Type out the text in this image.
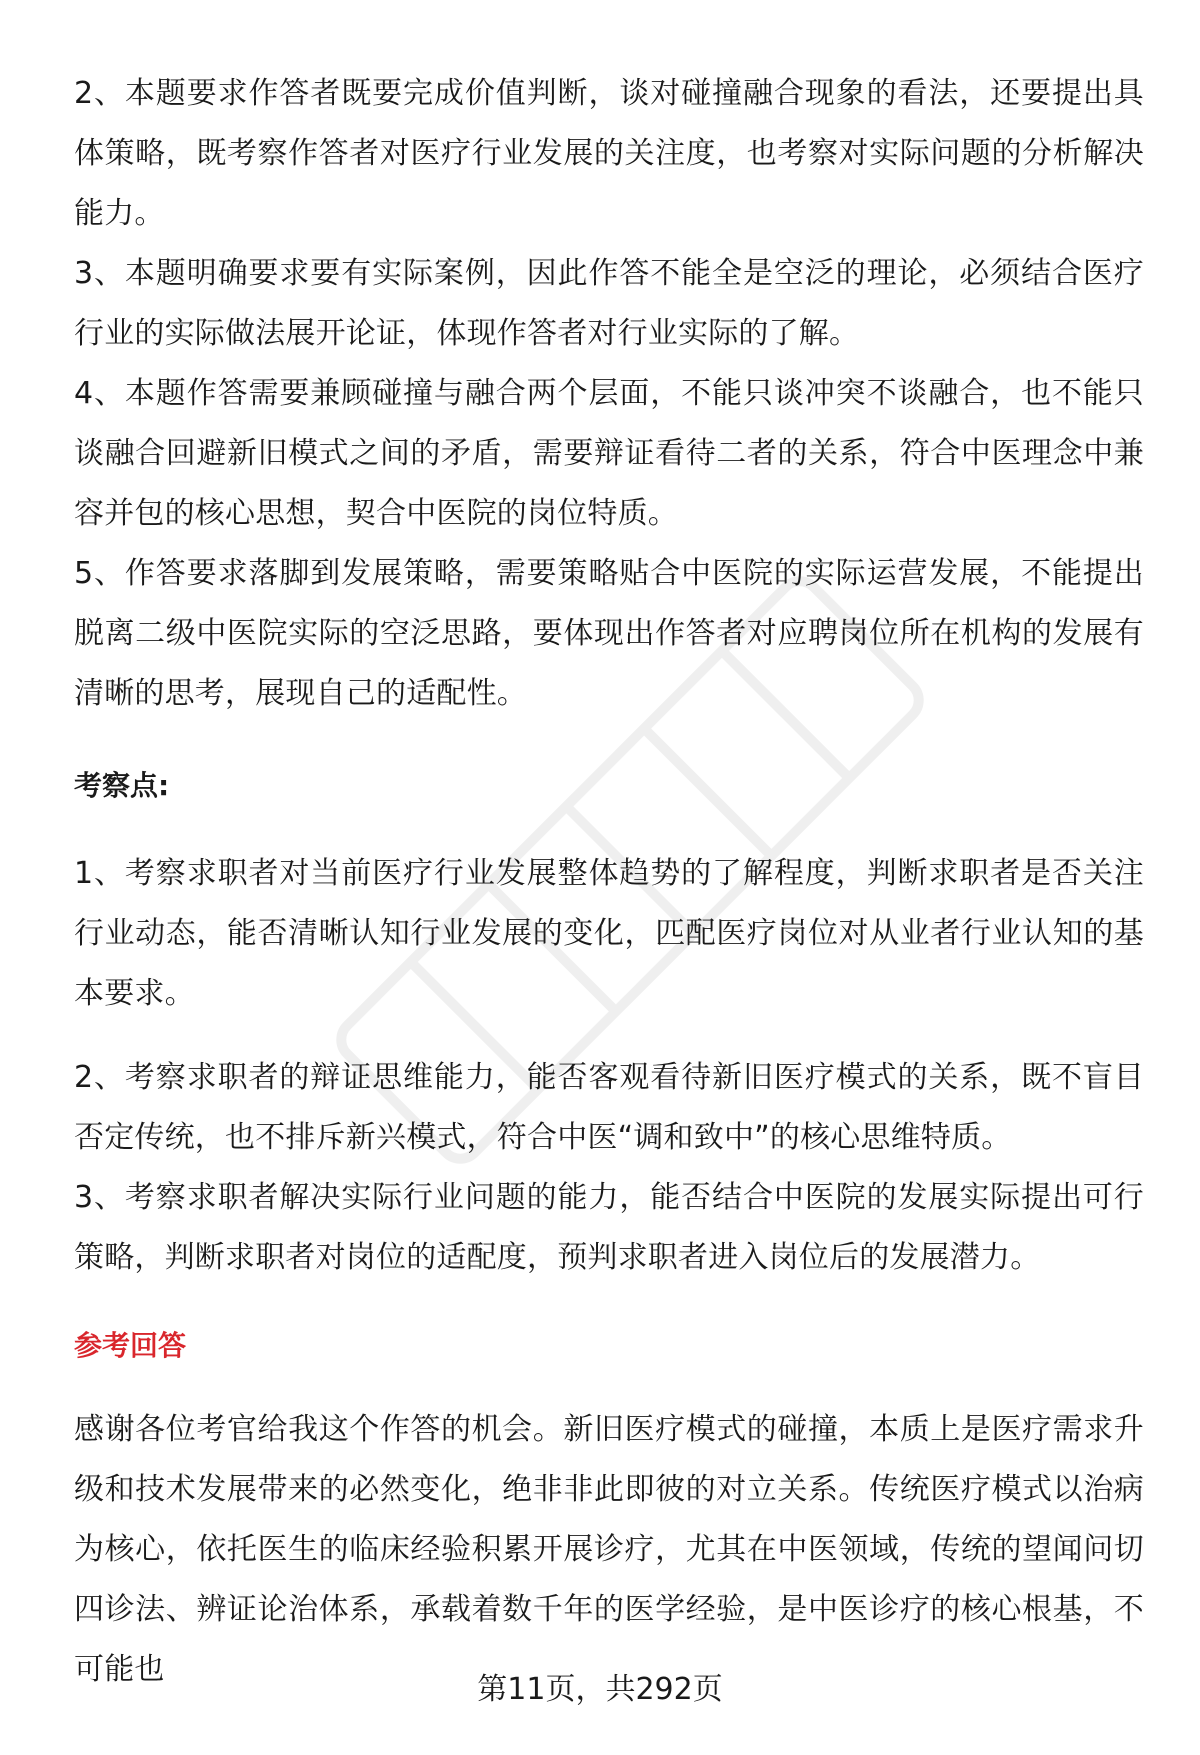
2、本题要求作答者既要完成价值判断，谈对碰撞融合现象的看法，还要提出具体策略，既考察作答者对医疗行业发展的关注度，也考察对实际问题的分析解决能力。

3、本题明确要求要有实际案例，因此作答不能全是空泛的理论，必须结合医疗行业的实际做法展开论证，体现作答者对行业实际的了解。

4、本题作答需要兼顾碰撞与融合两个层面，不能只谈冲突不谈融合，也不能只谈融合回避新旧模式之间的矛盾，需要辩证看待二者的关系，符合中医理念中兼容并包的核心思想，契合中医院的岗位特质。

5、作答要求落脚到发展策略，需要策略贴合中医院的实际运营发展，不能提出脱离二级中医院实际的空泛思路，要体现出作答者对应聘岗位所在机构的发展有清晰的思考，展现自己的适配性。

考察点:

1、考察求职者对当前医疗行业发展整体趋势的了解程度，判断求职者是否关注行业动态，能否清晰认知行业发展的变化，匹配医疗岗位对从业者行业认知的基本要求。

2、考察求职者的辩证思维能力，能否客观看待新旧医疗模式的关系，既不盲目否定传统，也不排斥新兴模式，符合中医“调和致中”的核心思维特质。

3、考察求职者解决实际行业问题的能力，能否结合中医院的发展实际提出可行策略，判断求职者对岗位的适配度，预判求职者进入岗位后的发展潜力。

参考回答

感谢各位考官给我这个作答的机会。新旧医疗模式的碰撞，本质上是医疗需求升级和技术发展带来的必然变化，绝非非此即彼的对立关系。传统医疗模式以治病为核心，依托医生的临床经验积累开展诊疗，尤其在中医领域，传统的望闻问切四诊法、辨证论治体系，承载着数千年的医学经验，是中医诊疗的核心根基，不可能也

第11页，共292页
